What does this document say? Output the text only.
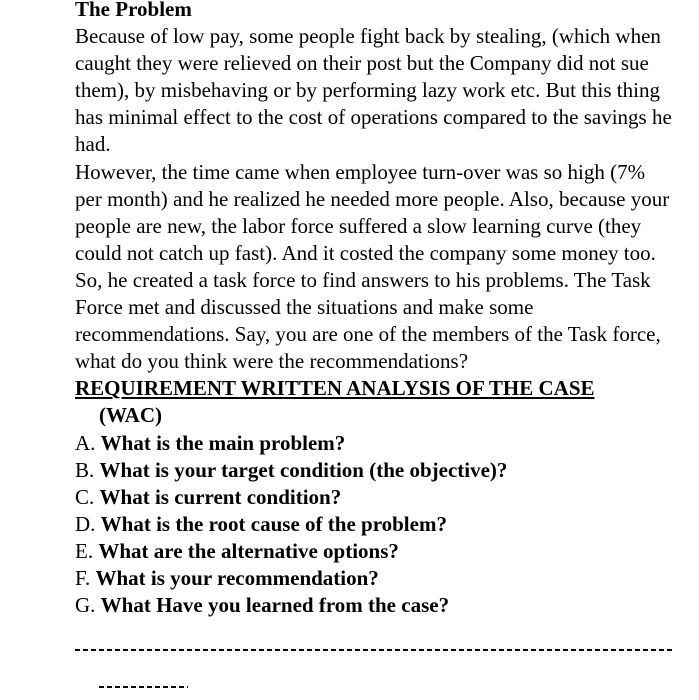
The Problem

Because of low pay, some people fight back by stealing, (which when caught they were relieved on their post but the Company did not sue them), by misbehaving or by performing lazy work etc. But this thing has minimal effect to the cost of operations compared to the savings he had.

However, the time came when employee turn-over was so high (7% per month) and he realized he needed more people. Also, because your people are new, the labor force suffered a slow learning curve (they could not catch up fast). And it costed the company some money too.

So, he created a task force to find answers to his problems. The Task Force met and discussed the situations and make some recommendations. Say, you are one of the members of the Task force, what do you think were the recommendations?

REQUIREMENT WRITTEN ANALYSIS OF THE CASE
(WAC)

A. What is the main problem?
B. What is your target condition (the objective)?
C. What is current condition?
D. What is the root cause of the problem?
E. What are the alternative options?
F. What is your recommendation?
G. What Have you learned from the case?
